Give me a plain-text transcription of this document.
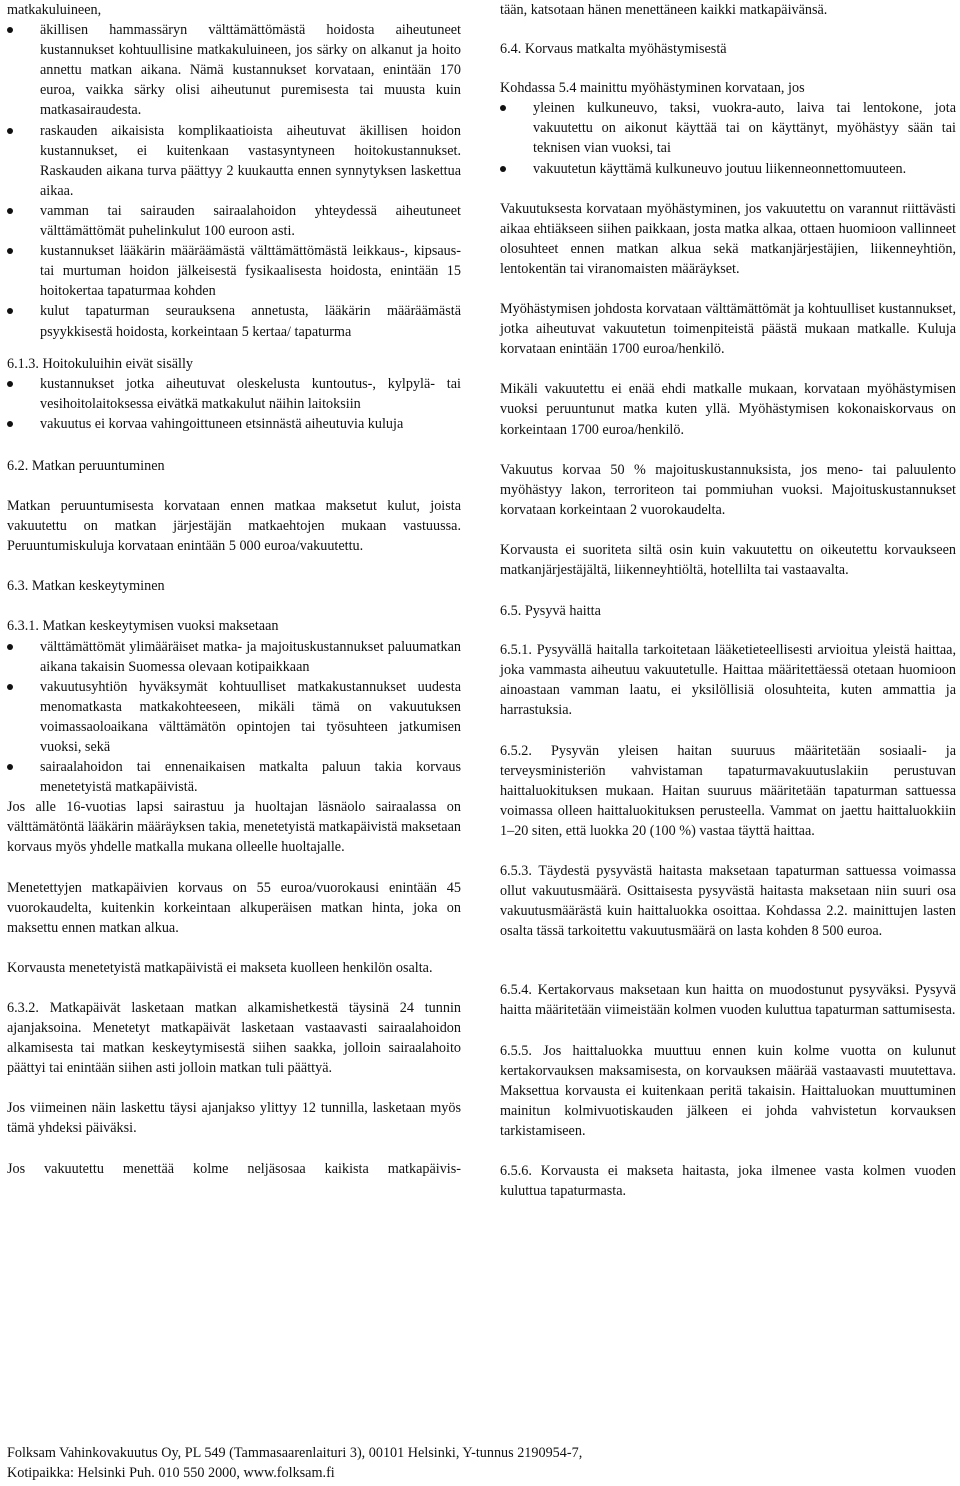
matkakuluineen,

äkillisen hammassäryn välttämättömästä hoidosta aiheutuneet kustannukset kohtuullisine matkakuluineen, jos särky on alkanut ja hoito annettu matkan aikana. Nämä kustannukset korvataan, enintään 170 euroa, vaikka särky olisi aiheutunut puremisesta tai muusta kuin matkasairaudesta.
raskauden aikaisista komplikaatioista aiheutuvat äkillisen hoidon kustannukset, ei kuitenkaan vastasyntyneen hoitokustannukset. Raskauden aikana turva päättyy 2 kuukautta ennen synnytyksen laskettua aikaa.
vamman tai sairauden sairaalahoidon yhteydessä aiheutuneet välttämättömät puhelinkulut 100 euroon asti.
kustannukset lääkärin määräämästä välttämättömästä leikkaus-, kipsaus- tai murtuman hoidon jälkeisestä fysikaalisesta hoidosta, enintään 15 hoitokertaa tapaturmaa kohden
kulut tapaturman seurauksena annetusta, lääkärin määräämästä psyykkisestä hoidosta, korkeintaan 5 kertaa/ tapaturma

6.1.3. Hoitokuluihin eivät sisälly

kustannukset jotka aiheutuvat oleskelusta kuntoutus-, kylpylä- tai vesihoitolaitoksessa eivätkä matkakulut näihin laitoksiin
vakuutus ei korvaa vahingoittuneen etsinnästä aiheutuvia kuluja

6.2. Matkan peruuntuminen

Matkan peruuntumisesta korvataan ennen matkaa maksetut kulut, joista vakuutettu on matkan järjestäjän matkaehtojen mukaan vastuussa. Peruuntumiskuluja korvataan enintään 5 000 euroa/vakuutettu.

6.3. Matkan keskeytyminen

6.3.1. Matkan keskeytymisen vuoksi maksetaan

välttämättömät ylimääräiset matka- ja majoituskustannukset paluumatkan aikana takaisin Suomessa olevaan kotipaikkaan
vakuutusyhtiön hyväksymät kohtuulliset matkakustannukset uudesta menomatkasta matkakohteeseen, mikäli tämä on vakuutuksen voimassaoloaikana välttämätön opintojen tai työsuhteen jatkumisen vuoksi, sekä
sairaalahoidon tai ennenaikaisen matkalta paluun takia korvaus menetetyistä matkapäivistä.

Jos alle 16-vuotias lapsi sairastuu ja huoltajan läsnäolo sairaalassa on välttämätöntä lääkärin määräyksen takia, menetetyistä matkapäivistä maksetaan korvaus myös yhdelle matkalla mukana olleelle huoltajalle.

Menetettyjen matkapäivien korvaus on 55 euroa/vuorokausi enintään 45 vuorokaudelta, kuitenkin korkeintaan alkuperäisen matkan hinta, joka on maksettu ennen matkan alkua.

Korvausta menetetyistä matkapäivistä ei makseta kuolleen henkilön osalta.

6.3.2. Matkapäivät lasketaan matkan alkamishetkestä täysinä 24 tunnin ajanjaksoina. Menetetyt matkapäivät lasketaan vastaavasti sairaalahoidon alkamisesta tai matkan keskeytymisestä siihen saakka, jolloin sairaalahoito päättyi tai enintään siihen asti jolloin matkan tuli päättyä.

Jos viimeinen näin laskettu täysi ajanjakso ylittyy 12 tunnilla, lasketaan myös tämä yhdeksi päiväksi.

Jos vakuutettu menettää kolme neljäsosaa kaikista matkapäivis-

tään, katsotaan hänen menettäneen kaikki matkapäivänsä.

6.4. Korvaus matkalta myöhästymisestä

Kohdassa 5.4 mainittu myöhästyminen korvataan, jos

yleinen kulkuneuvo, taksi, vuokra-auto, laiva tai lentokone, jota vakuutettu on aikonut käyttää tai on käyttänyt, myöhästyy sään tai teknisen vian vuoksi, tai
vakuutetun käyttämä kulkuneuvo joutuu liikenneonnettomuuteen.

Vakuutuksesta korvataan myöhästyminen, jos vakuutettu on varannut riittävästi aikaa ehtiäkseen siihen paikkaan, josta matka alkaa, ottaen huomioon vallinneet olosuhteet ennen matkan alkua sekä matkanjärjestäjien, liikenneyhtiön, lentokentän tai viranomaisten määräykset.

Myöhästymisen johdosta korvataan välttämättömät ja kohtuulliset kustannukset, jotka aiheutuvat vakuutetun toimenpiteistä päästä mukaan matkalle. Kuluja korvataan enintään 1700 euroa/henkilö.

Mikäli vakuutettu ei enää ehdi matkalle mukaan, korvataan myöhästymisen vuoksi peruuntunut matka kuten yllä. Myöhästymisen kokonaiskorvaus on korkeintaan 1700 euroa/henkilö.

Vakuutus korvaa 50 % majoituskustannuksista, jos meno- tai paluulento myöhästyy lakon, terroriteon tai pommiuhan vuoksi. Majoituskustannukset korvataan korkeintaan 2 vuorokaudelta.

Korvausta ei suoriteta siltä osin kuin vakuutettu on oikeutettu korvaukseen matkanjärjestäjältä, liikenneyhtiöltä, hotellilta tai vastaavalta.

6.5. Pysyvä haitta

6.5.1. Pysyvällä haitalla tarkoitetaan lääketieteellisesti arvioitua yleistä haittaa, joka vammasta aiheutuu vakuutetulle. Haittaa määritettäessä otetaan huomioon ainoastaan vamman laatu, ei yksilöllisiä olosuhteita, kuten ammattia ja harrastuksia.

6.5.2. Pysyvän yleisen haitan suuruus määritetään sosiaali- ja terveysministeriön vahvistaman tapaturmavakuutuslakiin perustuvan haittaluokituksen mukaan. Haitan suuruus määritetään tapaturman sattuessa voimassa olleen haittaluokituksen perusteella. Vammat on jaettu haittaluokkiin 1–20 siten, että luokka 20 (100 %) vastaa täyttä haittaa.

6.5.3. Täydestä pysyvästä haitasta maksetaan tapaturman sattuessa voimassa ollut vakuutusmäärä. Osittaisesta pysyvästä haitasta maksetaan niin suuri osa vakuutusmäärästä kuin haittaluokka osoittaa. Kohdassa 2.2. mainittujen lasten osalta tässä tarkoitettu vakuutusmäärä on lasta kohden 8 500 euroa.

6.5.4. Kertakorvaus maksetaan kun haitta on muodostunut pysyväksi. Pysyvä haitta määritetään viimeistään kolmen vuoden kuluttua tapaturman sattumisesta.

6.5.5. Jos haittaluokka muuttuu ennen kuin kolme vuotta on kulunut kertakorvauksen maksamisesta, on korvauksen määrää vastaavasti muutettava. Maksettua korvausta ei kuitenkaan peritä takaisin. Haittaluokan muuttuminen mainitun kolmivuotiskauden jälkeen ei johda vahvistetun korvauksen tarkistamiseen.

6.5.6. Korvausta ei makseta haitasta, joka ilmenee vasta kolmen vuoden kuluttua tapaturmasta.

Folksam Vahinkovakuutus Oy, PL 549 (Tammasaarenlaituri 3), 00101 Helsinki, Y-tunnus 2190954-7,
Kotipaikka: Helsinki Puh. 010 550 2000, www.folksam.fi
